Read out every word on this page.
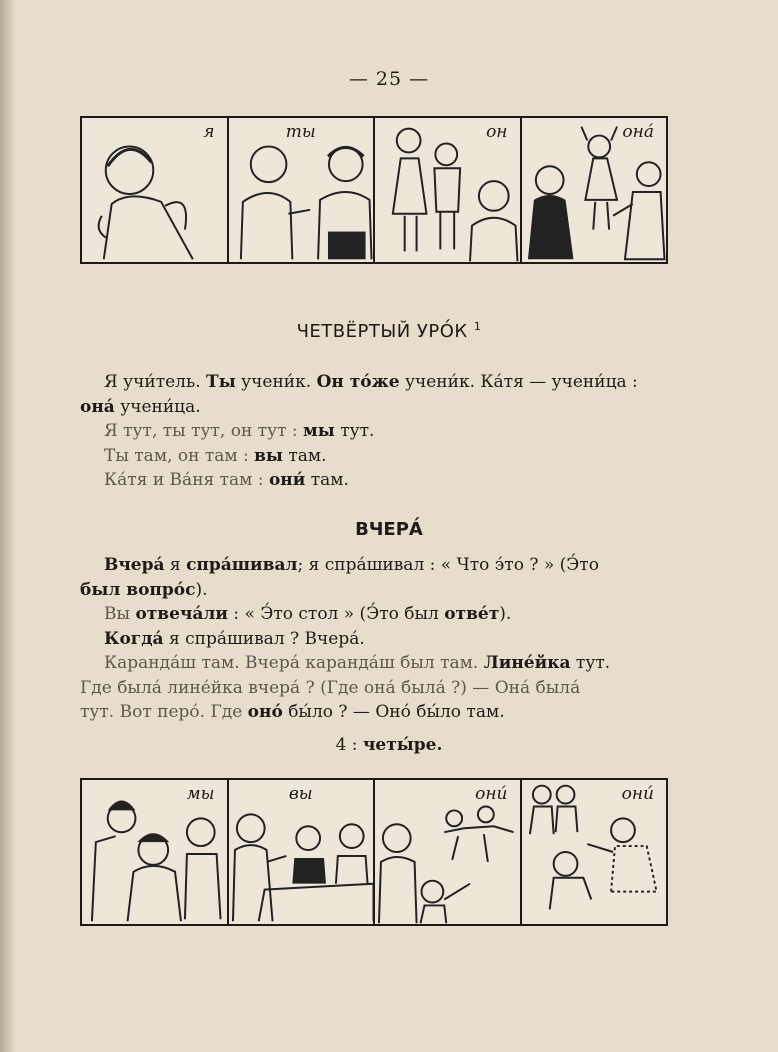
— 25 —
я	ты	он	она́
ЧЕТВЁРТЫЙ УРО́К $^1$

Я учи́тель. Ты учени́к. Он то́же учени́к. Ка́тя — учени́ца :

она́ учени́ца.

Я тут, ты тут, он тут : мы тут.

Ты там, он там : вы там.

Ка́тя и Ва́ня там : они́ там.

ВЧЕРА́

Вчера́ я спра́шивал; я спра́шивал : « Что э́то ? » (Э́то

был вопро́с).

Вы отвеча́ли : « Э́то стол » (Э́то был отве́т).

Когда́ я спра́шивал ? Вчера́.

Каранда́ш там. Вчера́ каранда́ш был там. Лине́йка тут.

Где была́ лине́йка вчера́ ? (Где она́ была́ ?) — Она́ была́

тут. Вот перо́. Где оно́ бы́ло ? — Оно́ бы́ло там.

4 : четы́ре.
мы	вы	они́	они́
